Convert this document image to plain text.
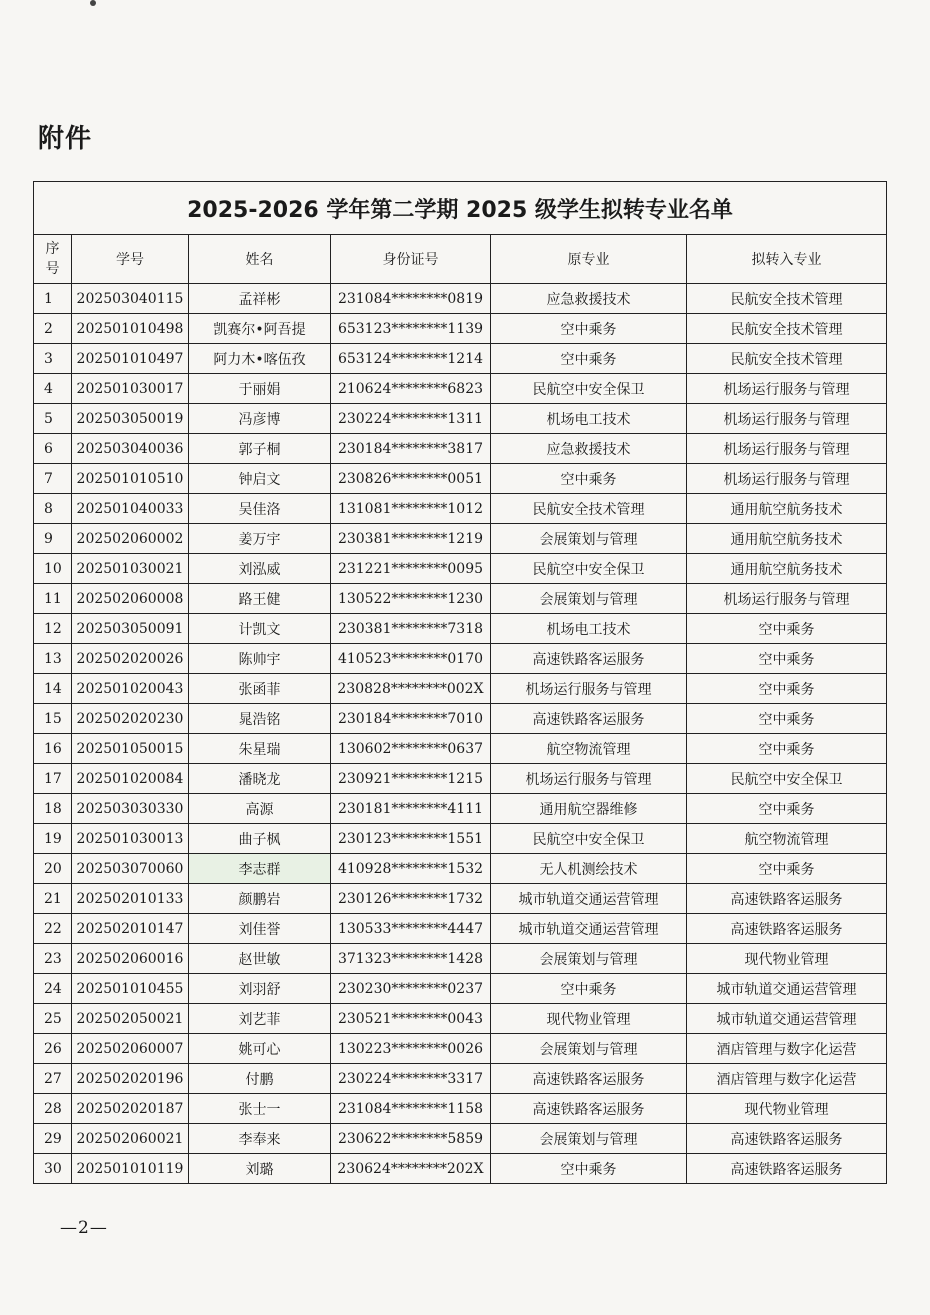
附件
2025-2026 学年第二学期 2025 级学生拟转专业名单					
序号	学号	姓名	身份证号	原专业	拟转入专业
1	202503040115	孟祥彬	231084********0819	应急救援技术	民航安全技术管理
2	202501010498	凯赛尔•阿吾提	653123********1139	空中乘务	民航安全技术管理
3	202501010497	阿力木•喀伍孜	653124********1214	空中乘务	民航安全技术管理
4	202501030017	于丽娟	210624********6823	民航空中安全保卫	机场运行服务与管理
5	202503050019	冯彦博	230224********1311	机场电工技术	机场运行服务与管理
6	202503040036	郭子桐	230184********3817	应急救援技术	机场运行服务与管理
7	202501010510	钟启文	230826********0051	空中乘务	机场运行服务与管理
8	202501040033	吴佳洛	131081********1012	民航安全技术管理	通用航空航务技术
9	202502060002	姜万宇	230381********1219	会展策划与管理	通用航空航务技术
10	202501030021	刘泓威	231221********0095	民航空中安全保卫	通用航空航务技术
11	202502060008	路王健	130522********1230	会展策划与管理	机场运行服务与管理
12	202503050091	计凯文	230381********7318	机场电工技术	空中乘务
13	202502020026	陈帅宇	410523********0170	高速铁路客运服务	空中乘务
14	202501020043	张函菲	230828********002X	机场运行服务与管理	空中乘务
15	202502020230	晁浩铭	230184********7010	高速铁路客运服务	空中乘务
16	202501050015	朱星瑞	130602********0637	航空物流管理	空中乘务
17	202501020084	潘晓龙	230921********1215	机场运行服务与管理	民航空中安全保卫
18	202503030330	高源	230181********4111	通用航空器维修	空中乘务
19	202501030013	曲子枫	230123********1551	民航空中安全保卫	航空物流管理
20	202503070060	李志群	410928********1532	无人机测绘技术	空中乘务
21	202502010133	颜鹏岩	230126********1732	城市轨道交通运营管理	高速铁路客运服务
22	202502010147	刘佳誉	130533********4447	城市轨道交通运营管理	高速铁路客运服务
23	202502060016	赵世敏	371323********1428	会展策划与管理	现代物业管理
24	202501010455	刘羽舒	230230********0237	空中乘务	城市轨道交通运营管理
25	202502050021	刘艺菲	230521********0043	现代物业管理	城市轨道交通运营管理
26	202502060007	姚可心	130223********0026	会展策划与管理	酒店管理与数字化运营
27	202502020196	付鹏	230224********3317	高速铁路客运服务	酒店管理与数字化运营
28	202502020187	张士一	231084********1158	高速铁路客运服务	现代物业管理
29	202502060021	李奉来	230622********5859	会展策划与管理	高速铁路客运服务
30	202501010119	刘璐	230624********202X	空中乘务	高速铁路客运服务
—2—
